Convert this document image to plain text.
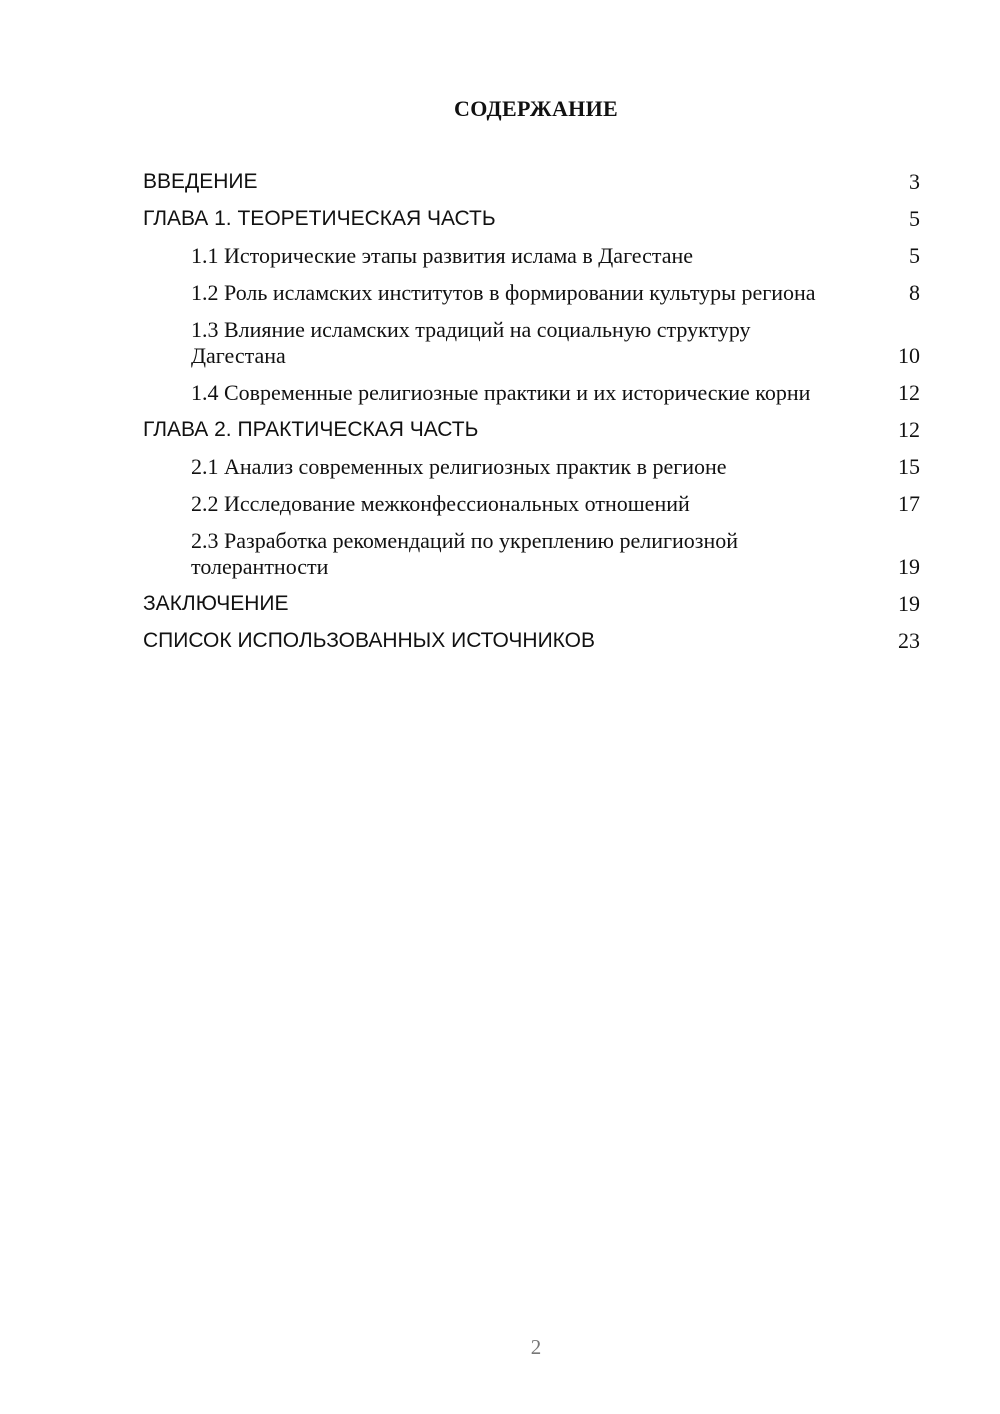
СОДЕРЖАНИЕ
ВВЕДЕНИЕ	3
ГЛАВА 1. ТЕОРЕТИЧЕСКАЯ ЧАСТЬ	5
1.1 Исторические этапы развития ислама в Дагестане	5
1.2 Роль исламских институтов в формировании культуры региона	8
1.3 Влияние исламских традиций на социальную структуру Дагестана	10
1.4 Современные религиозные практики и их исторические корни	12
ГЛАВА 2. ПРАКТИЧЕСКАЯ ЧАСТЬ	12
2.1 Анализ современных религиозных практик в регионе	15
2.2 Исследование межконфессиональных отношений	17
2.3 Разработка рекомендаций по укреплению религиозной толерантности	19
ЗАКЛЮЧЕНИЕ	19
СПИСОК ИСПОЛЬЗОВАННЫХ ИСТОЧНИКОВ	23
2
